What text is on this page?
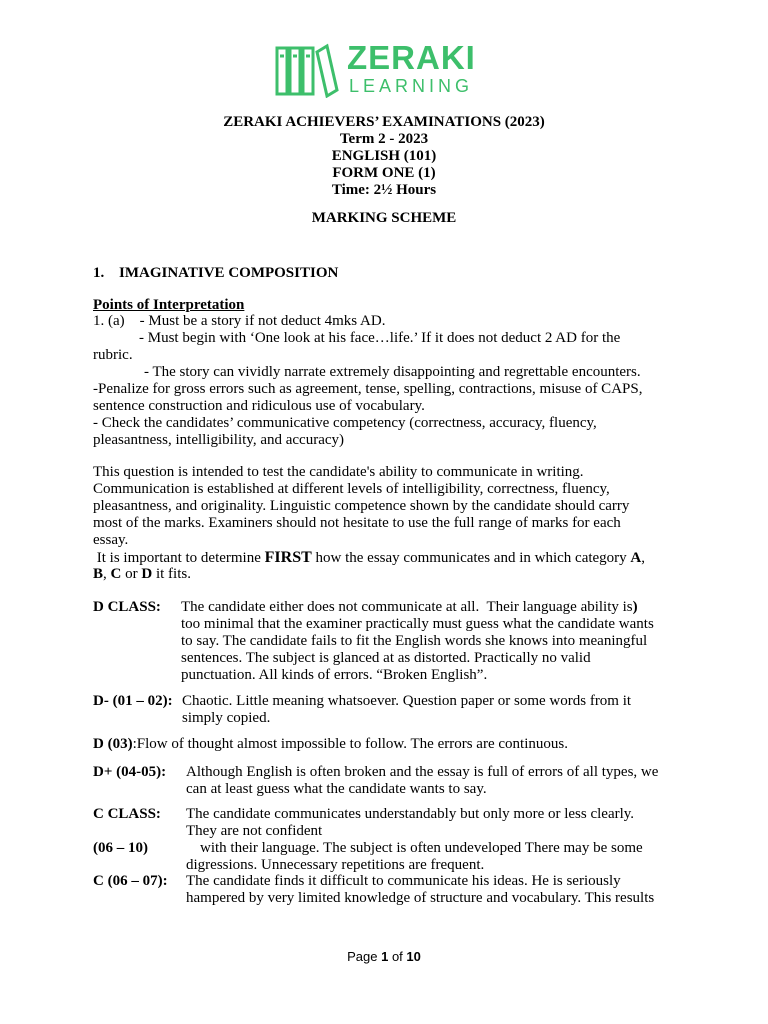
ZERAKI
LEARNING
ZERAKI ACHIEVERS’ EXAMINATIONS (2023)
Term 2 - 2023
ENGLISH (101)
FORM ONE (1)
Time: 2½ Hours
MARKING SCHEME
1. IMAGINATIVE COMPOSITION
Points of Interpretation
1. (a)    - Must be a story if not deduct 4mks AD.
- Must begin with ‘One look at his face…life.’ If it does not deduct 2 AD for the
rubric.
- The story can vividly narrate extremely disappointing and regrettable encounters.
-Penalize for gross errors such as agreement, tense, spelling, contractions, misuse of CAPS,
sentence construction and ridiculous use of vocabulary.
- Check the candidates’ communicative competency (correctness, accuracy, fluency,
pleasantness, intelligibility, and accuracy)
This question is intended to test the candidate's ability to communicate in writing.
Communication is established at different levels of intelligibility, correctness, fluency,
pleasantness, and originality. Linguistic competence shown by the candidate should carry
most of the marks. Examiners should not hesitate to use the full range of marks for each
essay.
It is important to determine FIRST how the essay communicates and in which category A,
B, C or D it fits.
D CLASS: The candidate either does not communicate at all.  Their language ability is)
too minimal that the examiner practically must guess what the candidate wants
to say. The candidate fails to fit the English words she knows into meaningful
sentences. The subject is glanced at as distorted. Practically no valid
punctuation. All kinds of errors. “Broken English”.
D- (01 – 02): Chaotic. Little meaning whatsoever. Question paper or some words from it
simply copied.
D (03):Flow of thought almost impossible to follow. The errors are continuous.
D+ (04-05): Although English is often broken and the essay is full of errors of all types, we
can at least guess what the candidate wants to say.
C CLASS: The candidate communicates understandably but only more or less clearly.
They are not confident
(06 – 10)	with their language. The subject is often undeveloped There may be some
digressions. Unnecessary repetitions are frequent.
C (06 – 07): The candidate finds it difficult to communicate his ideas. He is seriously
hampered by very limited knowledge of structure and vocabulary. This results
Page 1 of 10
